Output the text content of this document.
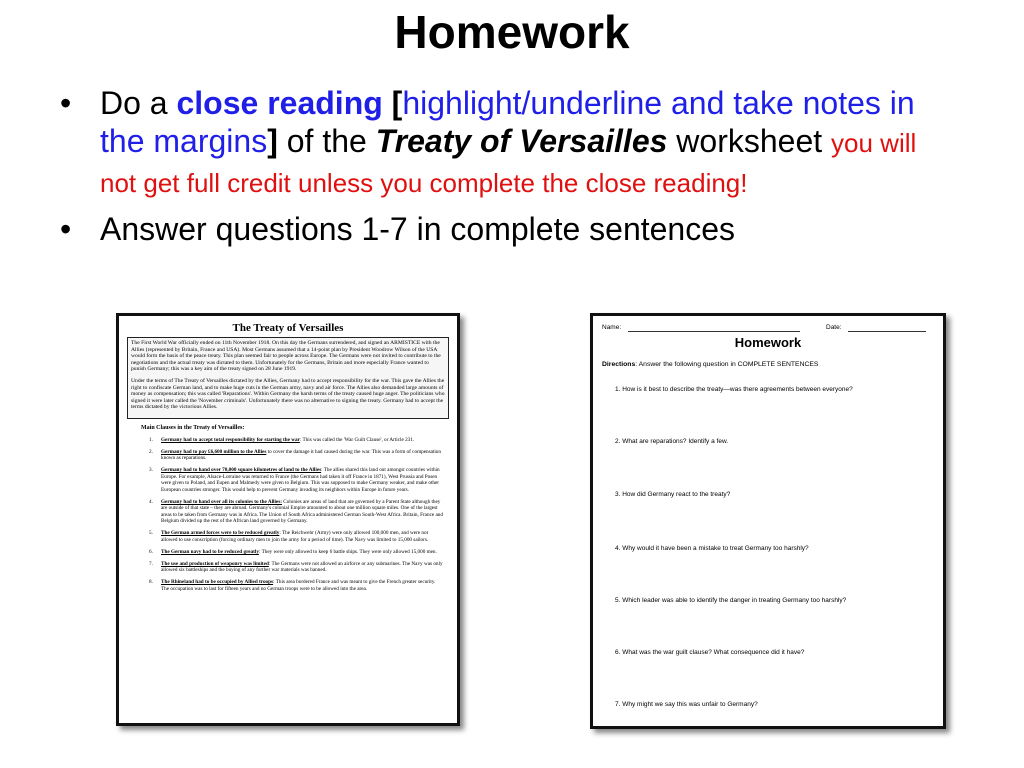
Homework
• Do a close reading [highlight/underline and take notes in the margins] of the Treaty of Versailles worksheet you will not get full credit unless you complete the close reading!
• Answer questions 1-7 in complete sentences
The Treaty of Versailles

The First World War officially ended on 11th November 1918. On this day the Germans surrendered, and signed an ARMISTICE with the Allies (represented by Britain, France and USA). Most Germans assumed that a 14-point plan by President Woodrow Wilson of the USA would form the basis of the peace treaty. This plan seemed fair to people across Europe. The Germans were not invited to contribute to the negotiations and the actual treaty was dictated to them. Unfortunately for the Germans, Britain and more especially France wanted to punish Germany; this was a key aim of the treaty signed on 28 June 1919.

Under the terms of The Treaty of Versailles dictated by the Allies, Germany had to accept responsibility for the war. This gave the Allies the right to confiscate German land, and to make huge cuts in the German army, navy and air force. The Allies also demanded large amounts of money as compensation; this was called 'Reparations'. Within Germany the harsh terms of the treaty caused huge anger. The politicians who signed it were later called the 'November criminals'. Unfortunately there was no alternative to signing the treaty. Germany had to accept the terms dictated by the victorious Allies.

Main Clauses in the Treaty of Versailles:
1. Germany had to accept total responsibility for starting the war: This was called the 'War Guilt Clause', or Article 231.
2. Germany had to pay £6,600 million to the Allies to cover the damage it had caused during the war. This was a form of compensation known as reparations.
3. Germany had to hand over 70,000 square kilometres of land to the Allies: The allies shared this land out amongst countries within Europe. For example, Alsace-Lorraine was returned to France (the Germans had taken it off France in 1871), West Prussia and Posen were given to Poland, and Eupen and Malmedy were given to Belgium. This was supposed to make Germany weaker, and make other European countries stronger. This would help to prevent Germany invading its neighbors within Europe in future years.
4. Germany had to hand over all its colonies to the Allies: Colonies are areas of land that are governed by a Parent State although they are outside of that state – they are abroad. Germany's colonial Empire amounted to about one million square miles. One of the largest areas to be taken from Germany was in Africa. The Union of South Africa administered German South-West Africa. Britain, France and Belgium divided up the rest of the African land governed by Germany.
5. The German armed forces were to be reduced greatly: The Reichwehr (Army) were only allowed 100,000 men, and were not allowed to use conscription (forcing ordinary men to join the army for a period of time). The Navy was limited to 15,000 sailors.
6. The German navy had to be reduced greatly: They were only allowed to keep 6 battle ships. They were only allowed 15,000 men.
7. The use and production of weaponry was limited: The Germans were not allowed an airforce or any submarines. The Navy was only allowed six battleships and the buying of any further war materials was banned.
8. The Rhineland had to be occupied by Allied troops: This area bordered France and was meant to give the French greater security. The occupation was to last for fifteen years and no German troops were to be allowed into the area.
Name:	Date:
Homework
Directions: Answer the following question in COMPLETE SENTENCES
1. How is it best to describe the treaty—was there agreements between everyone?
2. What are reparations? Identify a few.
3. How did Germany react to the treaty?
4. Why would it have been a mistake to treat Germany too harshly?
5. Which leader was able to identify the danger in treating Germany too harshly?
6. What was the war guilt clause? What consequence did it have?
7. Why might we say this was unfair to Germany?
